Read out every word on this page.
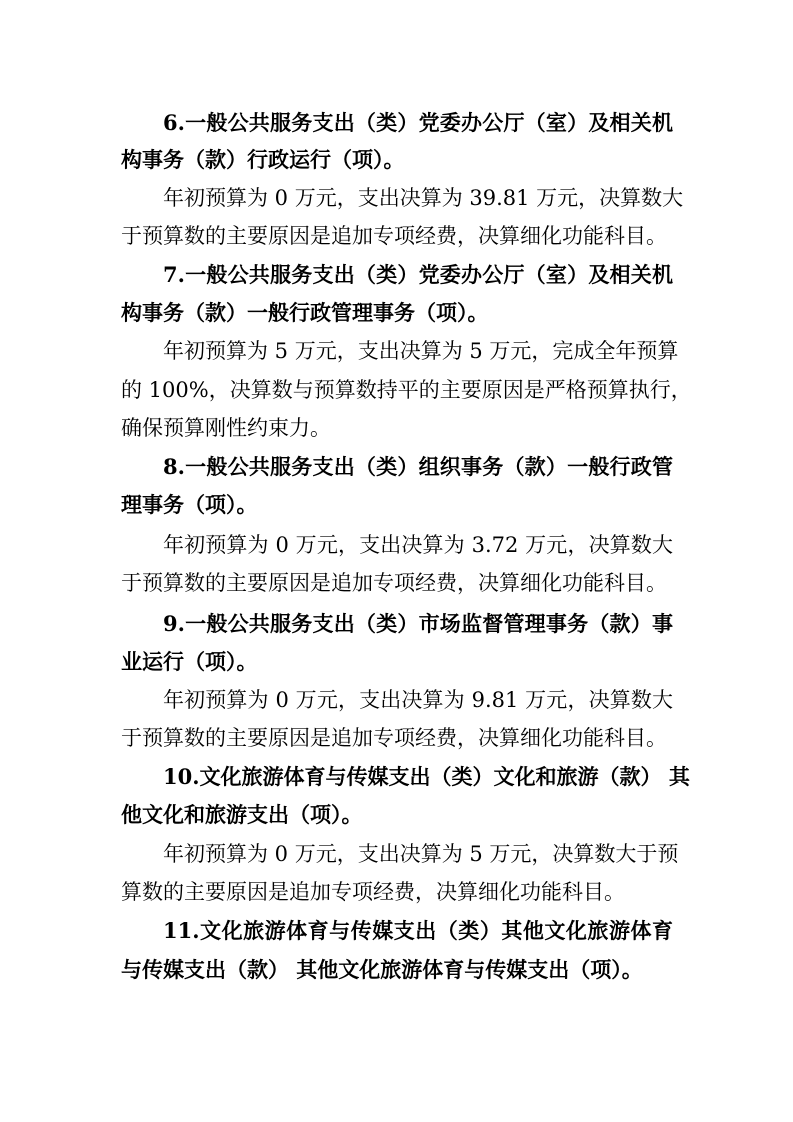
6.一般公共服务支出（类）党委办公厅（室）及相关机
构事务（款）行政运行（项）。
年初预算为 0 万元，支出决算为 39.81 万元，决算数大
于预算数的主要原因是追加专项经费，决算细化功能科目。
7.一般公共服务支出（类）党委办公厅（室）及相关机
构事务（款）一般行政管理事务（项）。
年初预算为 5 万元，支出决算为 5 万元，完成全年预算
的 100%，决算数与预算数持平的主要原因是严格预算执行，
确保预算刚性约束力。
8.一般公共服务支出（类）组织事务（款）一般行政管
理事务（项）。
年初预算为 0 万元，支出决算为 3.72 万元，决算数大
于预算数的主要原因是追加专项经费，决算细化功能科目。
9.一般公共服务支出（类）市场监督管理事务（款）事
业运行（项）。
年初预算为 0 万元，支出决算为 9.81 万元，决算数大
于预算数的主要原因是追加专项经费，决算细化功能科目。
10.文化旅游体育与传媒支出（类）文化和旅游（款） 其
他文化和旅游支出（项）。
年初预算为 0 万元，支出决算为 5 万元，决算数大于预
算数的主要原因是追加专项经费，决算细化功能科目。
11.文化旅游体育与传媒支出（类）其他文化旅游体育
与传媒支出（款） 其他文化旅游体育与传媒支出（项）。
